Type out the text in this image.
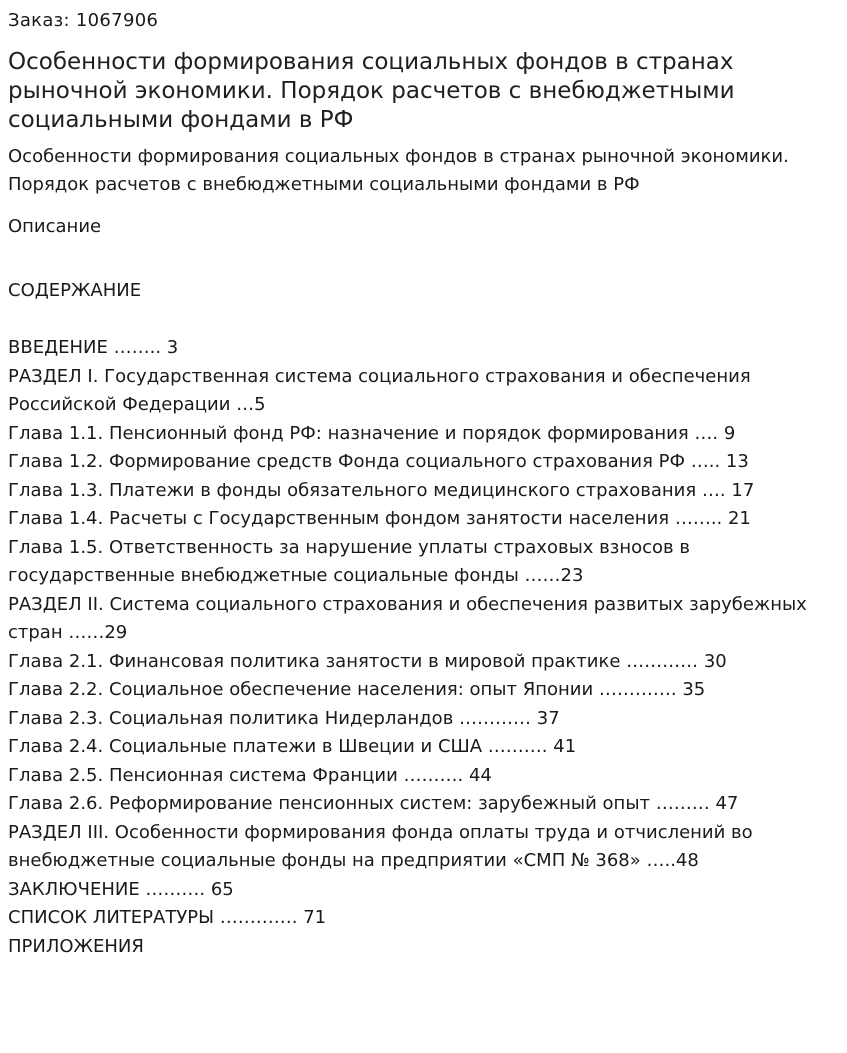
Заказ: 1067906

Особенности формирования социальных фондов в странах рыночной экономики. Порядок расчетов с внебюджетными социальными фондами в РФ

Особенности формирования социальных фондов в странах рыночной экономики. Порядок расчетов с внебюджетными социальными фондами в РФ

Описание

СОДЕРЖАНИЕ
ВВЕДЕНИЕ …….. 3
РАЗДЕЛ I. Государственная система социального страхования и обеспечения Российской Федерации …5
Глава 1.1. Пенсионный фонд РФ: назначение и порядок формирования …. 9
Глава 1.2. Формирование средств Фонда социального страхования РФ ….. 13
Глава 1.3. Платежи в фонды обязательного медицинского страхования …. 17
Глава 1.4. Расчеты с Государственным фондом занятости населения …….. 21
Глава 1.5. Ответственность за нарушение уплаты страховых взносов в государственные внебюджетные социальные фонды ……23
РАЗДЕЛ II. Система социального страхования и обеспечения развитых зарубежных стран ……29
Глава 2.1. Финансовая политика занятости в мировой практике ………… 30
Глава 2.2. Социальное обеспечение населения: опыт Японии …………. 35
Глава 2.3. Социальная политика Нидерландов ………… 37
Глава 2.4. Социальные платежи в Швеции и США ………. 41
Глава 2.5. Пенсионная система Франции ………. 44
Глава 2.6. Реформирование пенсионных систем: зарубежный опыт ……… 47
РАЗДЕЛ III. Особенности формирования фонда оплаты труда и отчислений во внебюджетные социальные фонды на предприятии «СМП № 368» …..48
ЗАКЛЮЧЕНИЕ ………. 65
СПИСОК ЛИТЕРАТУРЫ …………. 71
ПРИЛОЖЕНИЯ
